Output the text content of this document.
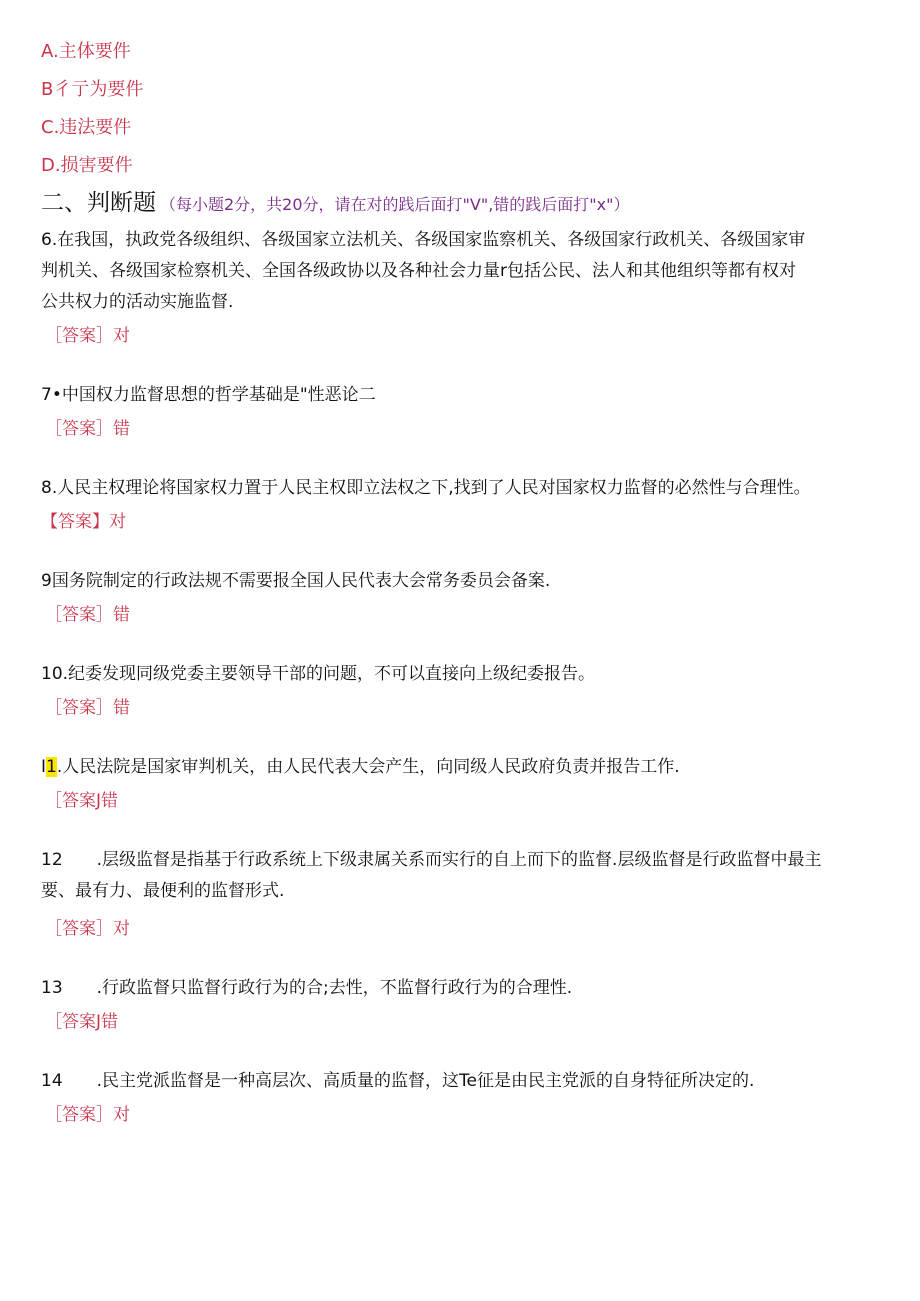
A.主体要件
B彳亍为要件
C.违法要件
D.损害要件
二、判断题 （每小题2分，共20分，请在对的践后面打"V",错的践后面打"x"）
6.在我国，执政党各级组织、各级国家立法机关、各级国家监察机关、各级国家行政机关、各级国家审
判机关、各级国家检察机关、全国各级政协以及各种社会力量r包括公民、法人和其他组织等都有权对
公共权力的活动实施监督.
［答案］对
7•中国权力监督思想的哲学基础是"性恶论二
［答案］错
8.人民主权理论将国家权力置于人民主权即立法权之下,找到了人民对国家权力监督的必然性与合理性。
【答案】对
9国务院制定的行政法规不需要报全国人民代表大会常务委员会备案.
［答案］错
10.纪委发现同级党委主要领导干部的问题，不可以直接向上级纪委报告。
［答案］错
I1.人民法院是国家审判机关，由人民代表大会产生，向同级人民政府负责并报告工作.
［答案J错
12 .层级监督是指基于行政系统上下级隶属关系而实行的自上而下的监督.层级监督是行政监督中最主
要、最有力、最便利的监督形式.
［答案］对
13 .行政监督只监督行政行为的合;去性，不监督行政行为的合理性.
［答案J错
14 .民主党派监督是一种高层次、高质量的监督，这Te征是由民主党派的自身特征所决定的.
［答案］对
